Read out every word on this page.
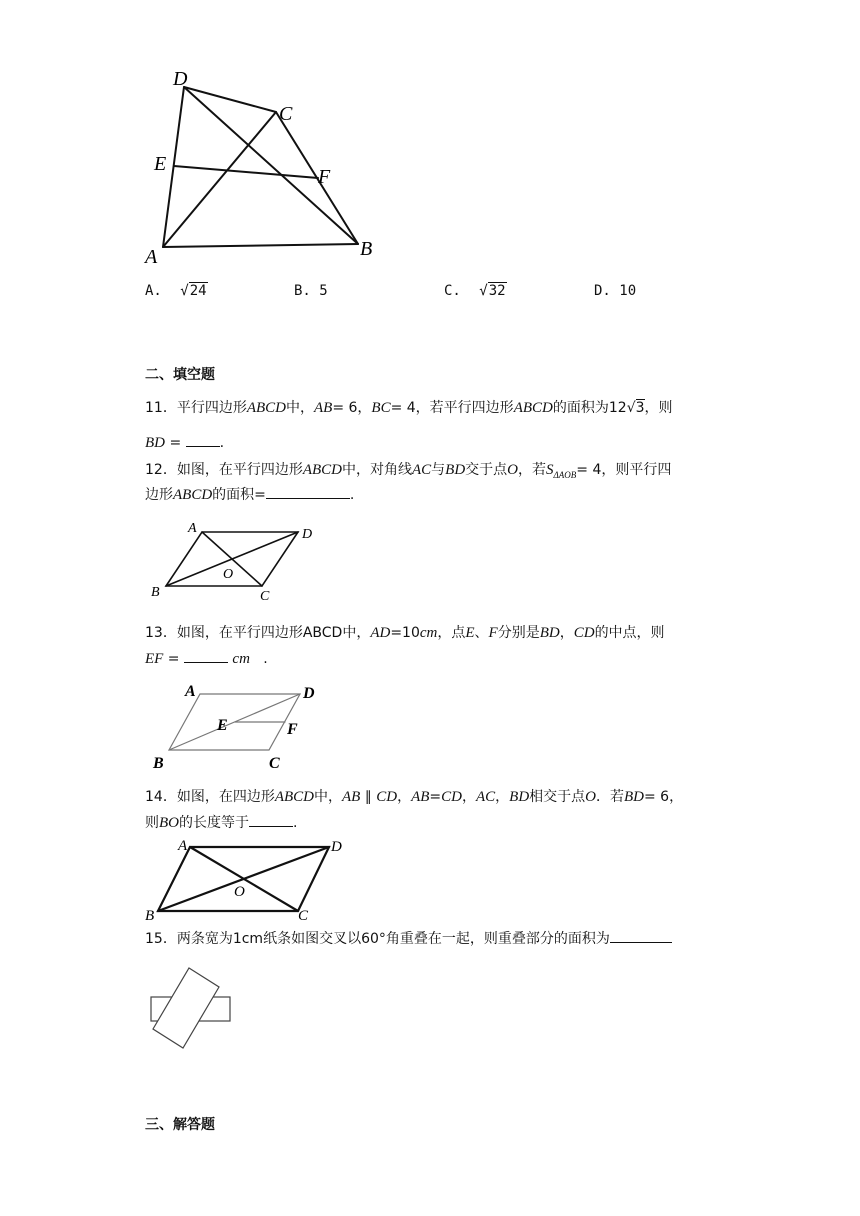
D
C
E
F
A	B
A. √24	B. 5	C. √32	D. 10
二、填空题
11．平行四边形ABCD中，AB= 6，BC= 4，若平行四边形ABCD的面积为12√3，则
BD =	.
12．如图，在平行四边形ABCD中，对角线AC与BD交于点O，若$S_{\Delta AOB}= 4$，则平行四
边形ABCD的面积=	.
A	D
O
B	C
13．如图，在平行四边形ABCD中，AD=10cm，点E、F分别是BD，CD的中点，则
EF =	cm .
A	D
E	F
B	C
14．如图，在四边形ABCD中，AB ∥ CD，AB=CD，AC，BD相交于点O．若BD= 6，
则BO的长度等于	.
A	D
O
B	C
15．两条宽为1cm纸条如图交叉以60°角重叠在一起，则重叠部分的面积为
三、解答题
